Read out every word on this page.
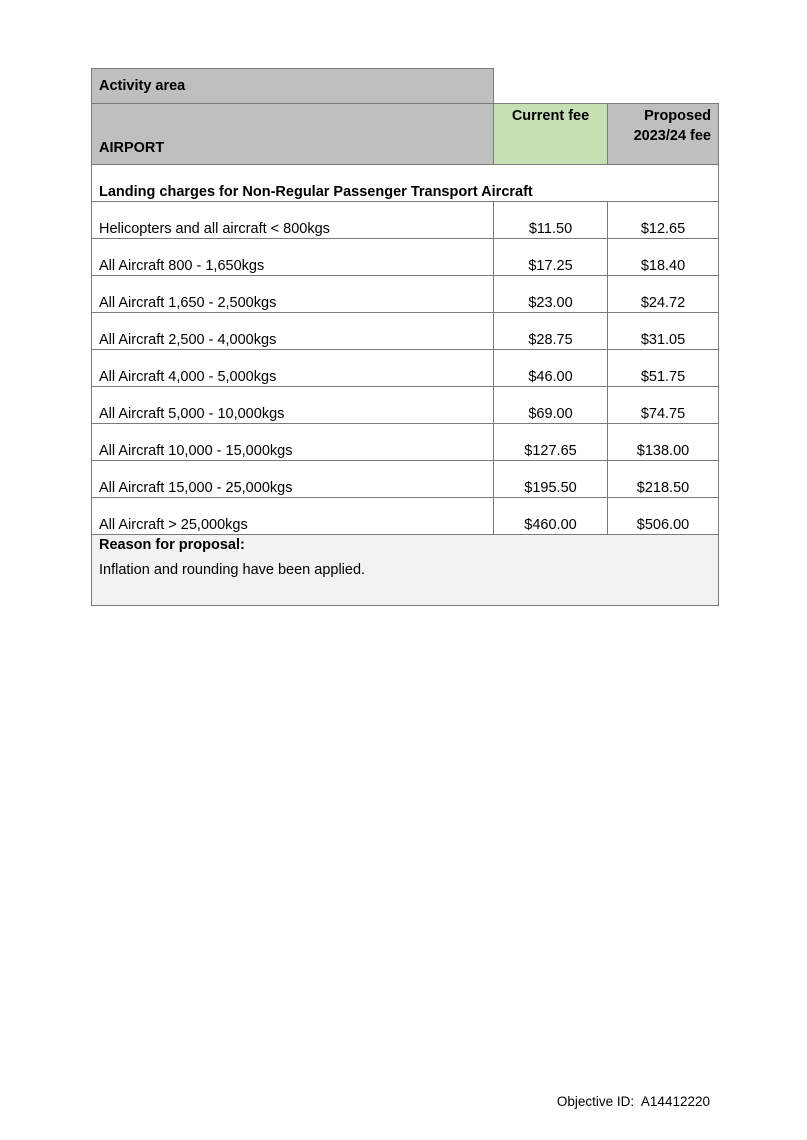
Activity area		
AIRPORT	Current fee	Proposed
2023/24 fee
Landing charges for Non-Regular Passenger Transport Aircraft		
Helicopters and all aircraft < 800kgs	$11.50	$12.65
All Aircraft 800 - 1,650kgs	$17.25	$18.40
All Aircraft 1,650 - 2,500kgs	$23.00	$24.72
All Aircraft 2,500 - 4,000kgs	$28.75	$31.05
All Aircraft 4,000 - 5,000kgs	$46.00	$51.75
All Aircraft 5,000 - 10,000kgs	$69.00	$74.75
All Aircraft 10,000 - 15,000kgs	$127.65	$138.00
All Aircraft 15,000 - 25,000kgs	$195.50	$218.50
All Aircraft > 25,000kgs	$460.00	$506.00

Reason for proposal:
Inflation and rounding have been applied.		
Objective ID:  A14412220
